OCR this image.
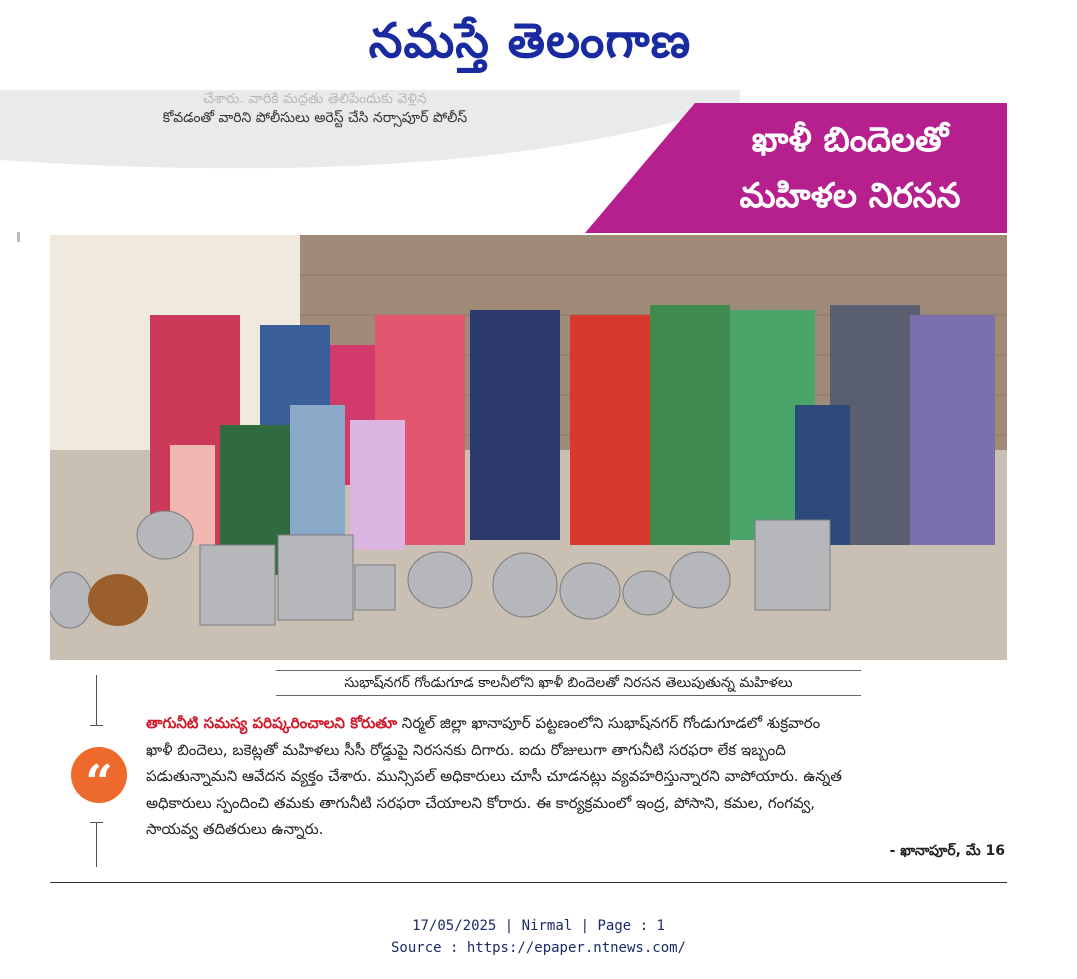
నమస్తే తెలంగాణ
చేశారు. వారికి మద్దతు తెలిపేందుకు వెళ్లిన
కోవడంతో వారిని పోలీసులు అరెస్ట్ చేసి నర్సాపూర్ పోలీస్
ఖాళీ బిందెలతో
మహిళల నిరసన
సుభాష్‌నగర్ గోండుగూడ కాలనీలోని ఖాళీ బిందెలతో నిరసన తెలుపుతున్న మహిళలు
“
తాగునీటి సమస్య పరిష్కరించాలని కోరుతూ నిర్మల్ జిల్లా ఖానాపూర్ పట్టణంలోని సుభాష్‌నగర్ గోండుగూడలో శుక్రవారం
ఖాళీ బిందెలు, బకెట్లతో మహిళలు సీసీ రోడ్డుపై నిరసనకు దిగారు. ఐదు రోజులుగా తాగునీటి సరఫరా లేక ఇబ్బంది
పడుతున్నామని ఆవేదన వ్యక్తం చేశారు. మున్సిపల్ అధికారులు చూసీ చూడనట్లు వ్యవహరిస్తున్నారని వాపోయారు. ఉన్నత
అధికారులు స్పందించి తమకు తాగునీటి సరఫరా చేయాలని కోరారు. ఈ కార్యక్రమంలో ఇంద్ర, పోసాని, కమల, గంగవ్వ,
సాయవ్వ తదితరులు ఉన్నారు.
- ఖానాపూర్, మే 16
17/05/2025 | Nirmal | Page : 1
Source : https://epaper.ntnews.com/
